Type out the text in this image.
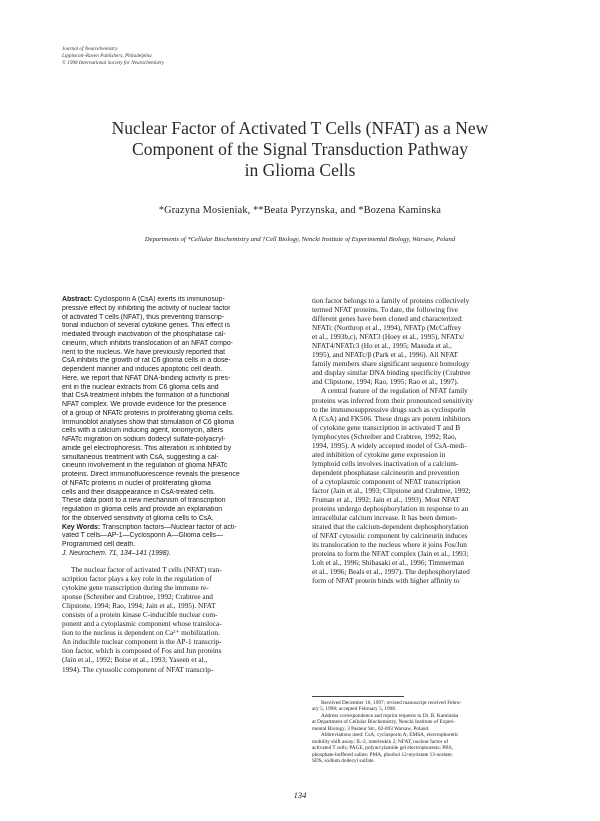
Journal of Neurochemistry
Lippincott–Raven Publishers, Philadelphia
© 1998 International Society for Neurochemistry
Nuclear Factor of Activated T Cells (NFAT) as a New
Component of the Signal Transduction Pathway
in Glioma Cells
*Grazyna Mosieniak, **Beata Pyrzynska, and *Bozena Kaminska
Departments of *Cellular Biochemistry and †Cell Biology, Nencki Institute of Experimental Biology, Warsaw, Poland
Abstract: Cyclosporin A (CsA) exerts its immunosup-
pressive effect by inhibiting the activity of nuclear factor
of activated T cells (NFAT), thus preventing transcrip-
tional induction of several cytokine genes. This effect is
mediated through inactivation of the phosphatase cal-
cineurin, which inhibits translocation of an NFAT compo-
nent to the nucleus. We have previously reported that
CsA inhibits the growth of rat C6 glioma cells in a dose-
dependent manner and induces apoptotic cell death.
Here, we report that NFAT DNA-binding activity is pres-
ent in the nuclear extracts from C6 glioma cells and
that CsA treatment inhibits the formation of a functional
NFAT complex. We provide evidence for the presence
of a group of NFATc proteins in proliferating glioma cells.
Immunoblot analyses show that stimulation of C6 glioma
cells with a calcium inducing agent, ionomycin, alters
NFATc migration on sodium dodecyl sulfate-polyacryl-
amide gel electrophoresis. This alteration is inhibited by
simultaneous treatment with CsA, suggesting a cal-
cineurin involvement in the regulation of glioma NFATc
proteins. Direct immunofluorescence reveals the presence
of NFATc proteins in nuclei of proliferating glioma
cells and their disappearance in CsA-treated cells.
These data point to a new mechanism of transcription
regulation in glioma cells and provide an explanation
for the observed sensitivity of glioma cells to CsA.
Key Words: Transcription factors—Nuclear factor of acti-
vated T cells—AP-1—Cyclosporin A—Glioma cells—
Programmed cell death.
J. Neurochem. 71, 134–141 (1998).
The nuclear factor of activated T cells (NFAT) tran-
scription factor plays a key role in the regulation of
cytokine gene transcription during the immune re-
sponse (Schreiber and Crabtree, 1992; Crabtree and
Clipstone, 1994; Rao, 1994; Jain et al., 1995). NFAT
consists of a protein kinase C-inducible nuclear com-
ponent and a cytoplasmic component whose transloca-
tion to the nucleus is dependent on Ca²⁺ mobilization.
An inducible nuclear component is the AP-1 transcrip-
tion factor, which is composed of Fos and Jun proteins
(Jain et al., 1992; Boise et al., 1993; Yaseen et al.,
1994). The cytosolic component of NFAT transcrip-
tion factor belongs to a family of proteins collectively
termed NFAT proteins. To date, the following five
different genes have been cloned and characterized:
NFATc (Northrop et al., 1994), NFATp (McCaffrey
et al., 1993b,c), NFAT3 (Hoey et al., 1995), NFATx/
NFAT4/NFATc3 (Ho et al., 1995; Masuda et al.,
1995), and NFATc/β (Park et al., 1996). All NFAT
family members share significant sequence homology
and display similar DNA binding specificity (Crabtree
and Clipstone, 1994; Rao, 1995; Rao et al., 1997).
A central feature of the regulation of NFAT family
proteins was inferred from their pronounced sensitivity
to the immunosuppressive drugs such as cyclosporin
A (CsA) and FK506. These drugs are potent inhibitors
of cytokine gene transcription in activated T and B
lymphocytes (Schreiber and Crabtree, 1992; Rao,
1994, 1995). A widely accepted model of CsA-medi-
ated inhibition of cytokine gene expression in
lymphoid cells involves inactivation of a calcium-
dependent phosphatase calcineurin and prevention
of a cytoplasmic component of NFAT transcription
factor (Jain et al., 1993; Clipstone and Crabtree, 1992;
Fruman et al., 1992; Jain et al., 1993). Most NFAT
proteins undergo dephosphorylation in response to an
intracellular calcium increase. It has been demon-
strated that the calcium-dependent dephosphorylation
of NFAT cytosolic component by calcineurin induces
its translocation to the nucleus where it joins Fos/Jun
proteins to form the NFAT complex (Jain et al., 1993;
Loh et al., 1996; Shibasaki et al., 1996; Timmerman
et al., 1996; Beals et al., 1997). The dephosphorylated
form of NFAT protein binds with higher affinity to
Received December 16, 1997; revised manuscript received Febru-
ary 5, 1998; accepted February 5, 1998.
Address correspondence and reprint requests to Dr. B. Kaminska
at Department of Cellular Biochemistry, Nencki Institute of Experi-
mental Biology, 3 Pasteur Str., 02-093 Warsaw, Poland.
Abbreviations used: CsA, cyclosporin A; EMSA, electrophoretic
mobility shift assay; IL-2, interleukin 2; NFAT, nuclear factor of
activated T cells; PAGE, polyacrylamide gel electrophoresis; PBS,
phosphate-buffered saline; PMA, phorbol 12-myristate 13-acetate;
SDS, sodium dodecyl sulfate.
134
